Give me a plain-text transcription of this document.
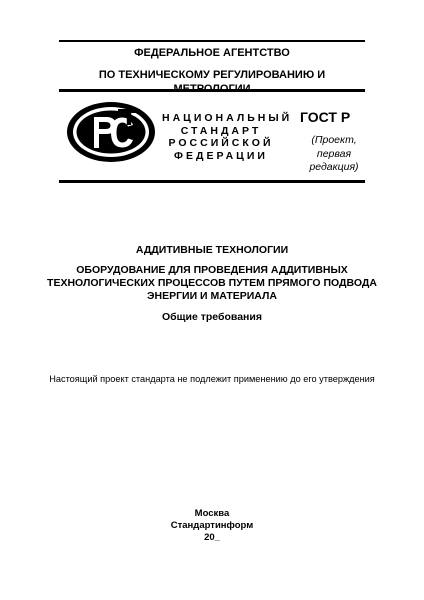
ФЕДЕРАЛЬНОЕ АГЕНТСТВО
ПО ТЕХНИЧЕСКОМУ РЕГУЛИРОВАНИЮ И
НАЦИОНАЛЬНЫЙ
СТАНДАРТ
РОССИЙСКОЙ
ФЕДЕРАЦИИ
ГОСТ Р
(Проект, первая
редакция)
АДДИТИВНЫЕ ТЕХНОЛОГИИ
ОБОРУДОВАНИЕ ДЛЯ ПРОВЕДЕНИЯ АДДИТИВНЫХ
ТЕХНОЛОГИЧЕСКИХ ПРОЦЕССОВ ПУТЕМ ПРЯМОГО ПОДВОДА
ЭНЕРГИИ И МАТЕРИАЛА
Общие требования
Настоящий проект стандарта не подлежит применению до его утверждения
Москва
Стандартинформ
20_
